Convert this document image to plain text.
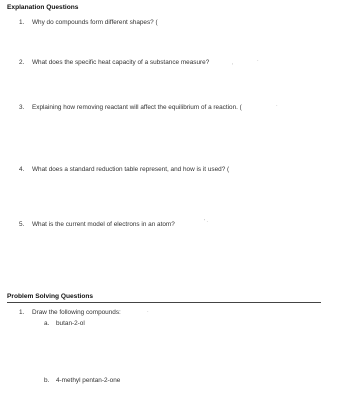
Explanation Questions
1. Why do compounds form different shapes? (
2. What does the specific heat capacity of a substance measure?	,	·
3. Explaining how removing reactant will affect the equilibrium of a reaction. (	·
4. What does a standard reduction table represent, and how is it used? (
5. What is the current model of electrons in an atom?	' ·
Problem Solving Questions
1. Draw the following compounds:	·
a. butan-2-ol
b. 4-methyl pentan-2-one
